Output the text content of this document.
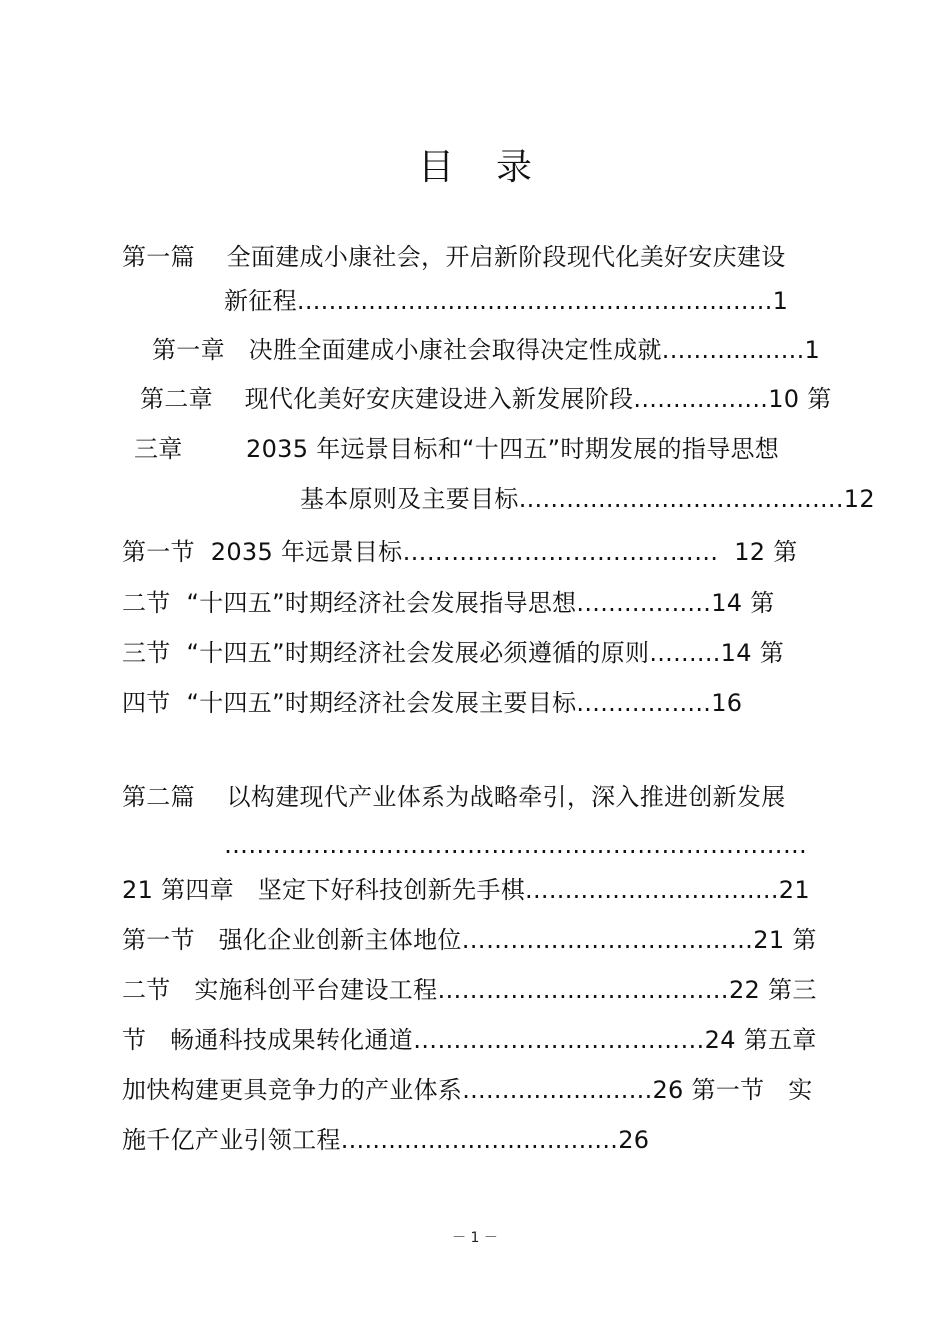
目录
第一篇    全面建成小康社会，开启新阶段现代化美好安庆建设
新征程............................................................1
第一章   决胜全面建成小康社会取得决定性成就..................1
第二章    现代化美好安庆建设进入新发展阶段.................10 第
三章        2035 年远景目标和“十四五”时期发展的指导思想
基本原则及主要目标.........................................12
第一节  2035 年远景目标…………………………………  12 第
二节  “十四五”时期经济社会发展指导思想.................14 第
三节  “十四五”时期经济社会发展必须遵循的原则.........14 第
四节  “十四五”时期经济社会发展主要目标.................16
第二篇    以构建现代产业体系为战略牵引，深入推进创新发展
………………………………………………………………
21 第四章   坚定下好科技创新先手棋................................21
第一节   强化企业创新主体地位………………………………21 第
二节   实施科创平台建设工程………………………………22 第三
节   畅通科技成果转化通道………………………………24 第五章
加快构建更具竞争力的产业体系........................26 第一节   实
施千亿产业引领工程...................................26
－ 1 －
